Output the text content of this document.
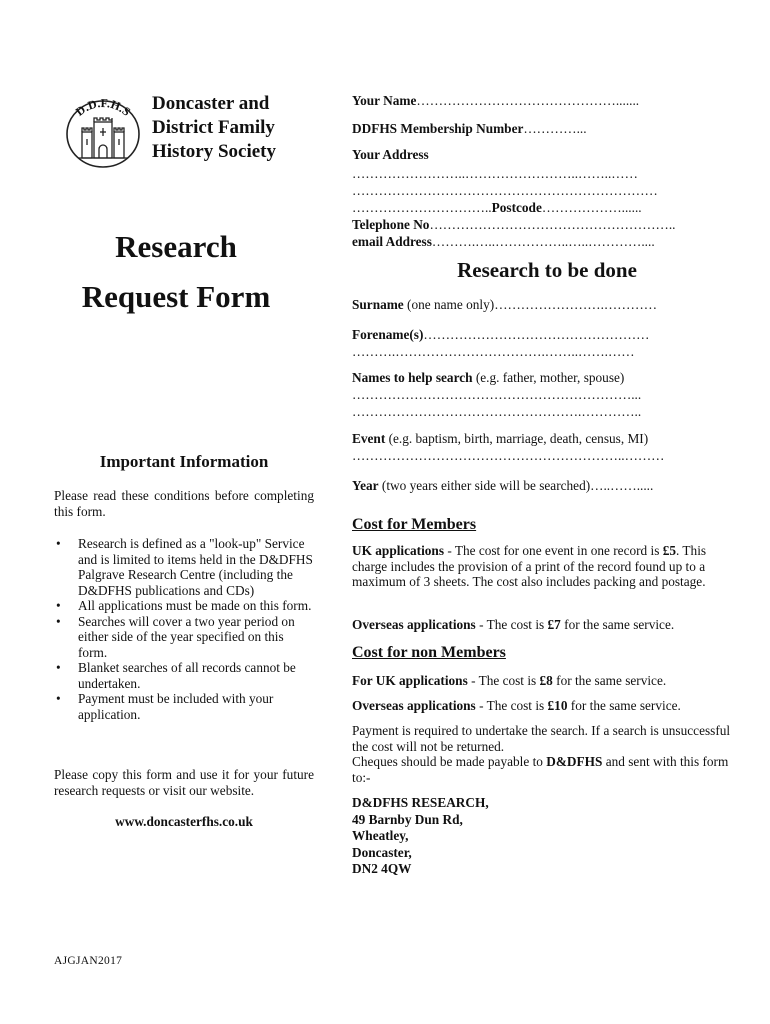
D.D.F.H.S Doncaster and
District Family
History Society
Research
Request Form
Important Information
Please read these conditions before completing this form.
• Research is defined as a "look-up" Service and is limited to items held in the D&DFHS Palgrave Research Centre (including the D&DFHS publications and CDs)
• All applications must be made on this form.
• Searches will cover a two year period on either side of the year specified on this form.
• Blanket searches of all records cannot be undertaken.
• Payment must be included with your application.
Please copy this form and use it for your future research requests or visit our website.
www.doncasterfhs.co.uk
AJGJAN2017
Your Name……………………………………….......
DDFHS Membership Number…………...
Your Address
……………………..……………………..……..……
……………………………………………………………
…………………………..Postcode………………......
Telephone No………………………………………………..
email Address……….…..……………..…..…………....
Research to be done
Surname (one name only)…………………….…………
Forename(s)……………………………………………
……….…………………………….……..…….……
Names to help search (e.g. father, mother, spouse)
………………………………………………………...
…………………………………………….…………..
Event (e.g. baptism, birth, marriage, death, census, MI)
……………………………………………………..………
Year (two years either side will be searched)…..…….....
Cost for Members
UK applications - The cost for one event in one record is £5. This charge includes the provision of a print of the record found up to a maximum of 3 sheets. The cost also includes packing and postage.
Overseas applications - The cost is £7 for the same service.
Cost for non Members
For UK applications - The cost is £8 for the same service.
Overseas applications - The cost is £10 for the same service.
Payment is required to undertake the search. If a search is unsuccessful the cost will not be returned.
Cheques should be made payable to D&DFHS and sent with this form to:-
D&DFHS RESEARCH,
49 Barnby Dun Rd,
Wheatley,
Doncaster,
DN2 4QW
